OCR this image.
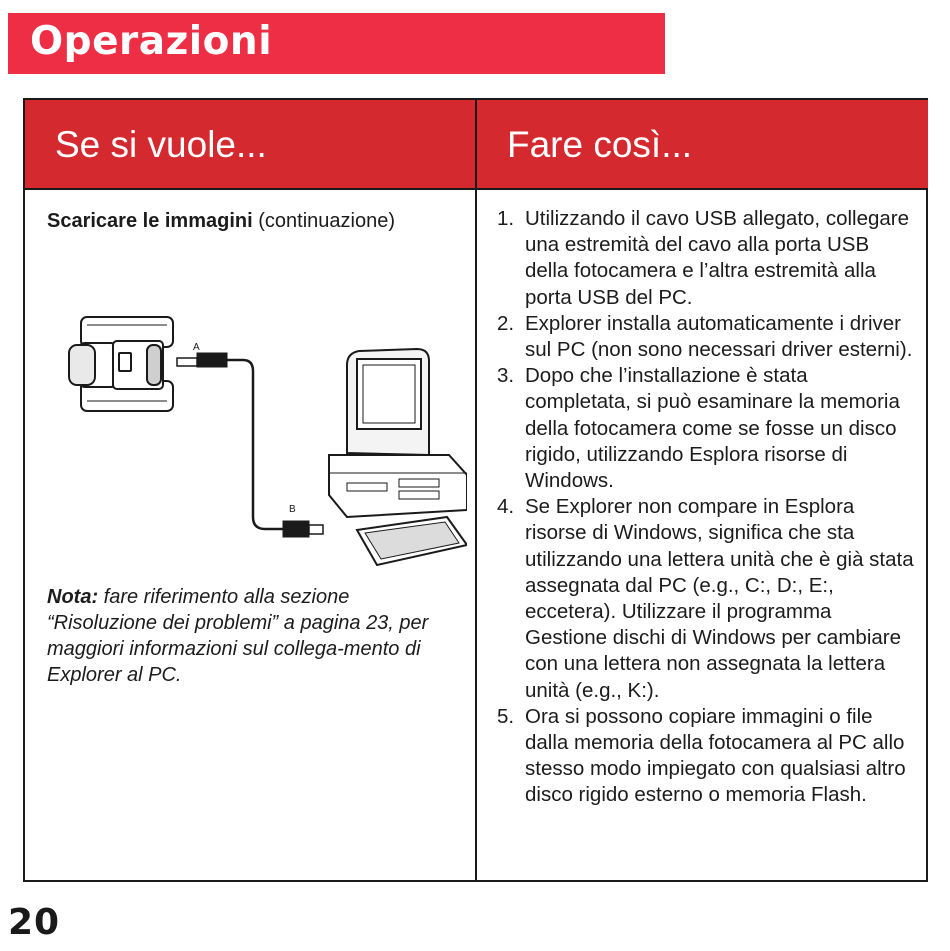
Operazioni
Se si vuole...	Fare così...
Scaricare le immagini (continuazione)
A
B
Nota: fare riferimento alla sezione “Risoluzione dei problemi” a pagina 23, per maggiori informazioni sul collega-mento di Explorer al PC.
1. Utilizzando il cavo USB allegato, collegare una estremità del cavo alla porta USB della fotocamera e l’altra estremità alla porta USB del PC.
2. Explorer installa automaticamente i driver sul PC (non sono necessari driver esterni).
3. Dopo che l’installazione è stata completata, si può esaminare la memoria della fotocamera come se fosse un disco rigido, utilizzando Esplora risorse di Windows.
4. Se Explorer non compare in Esplora risorse di Windows, significa che sta utilizzando una lettera unità che è già stata assegnata dal PC (e.g., C:, D:, E:, eccetera). Utilizzare il programma Gestione dischi di Windows per cambiare con una lettera non assegnata la lettera unità (e.g., K:).
5. Ora si possono copiare immagini o file dalla memoria della fotocamera al PC allo stesso modo impiegato con qualsiasi altro disco rigido esterno o memoria Flash.
20
